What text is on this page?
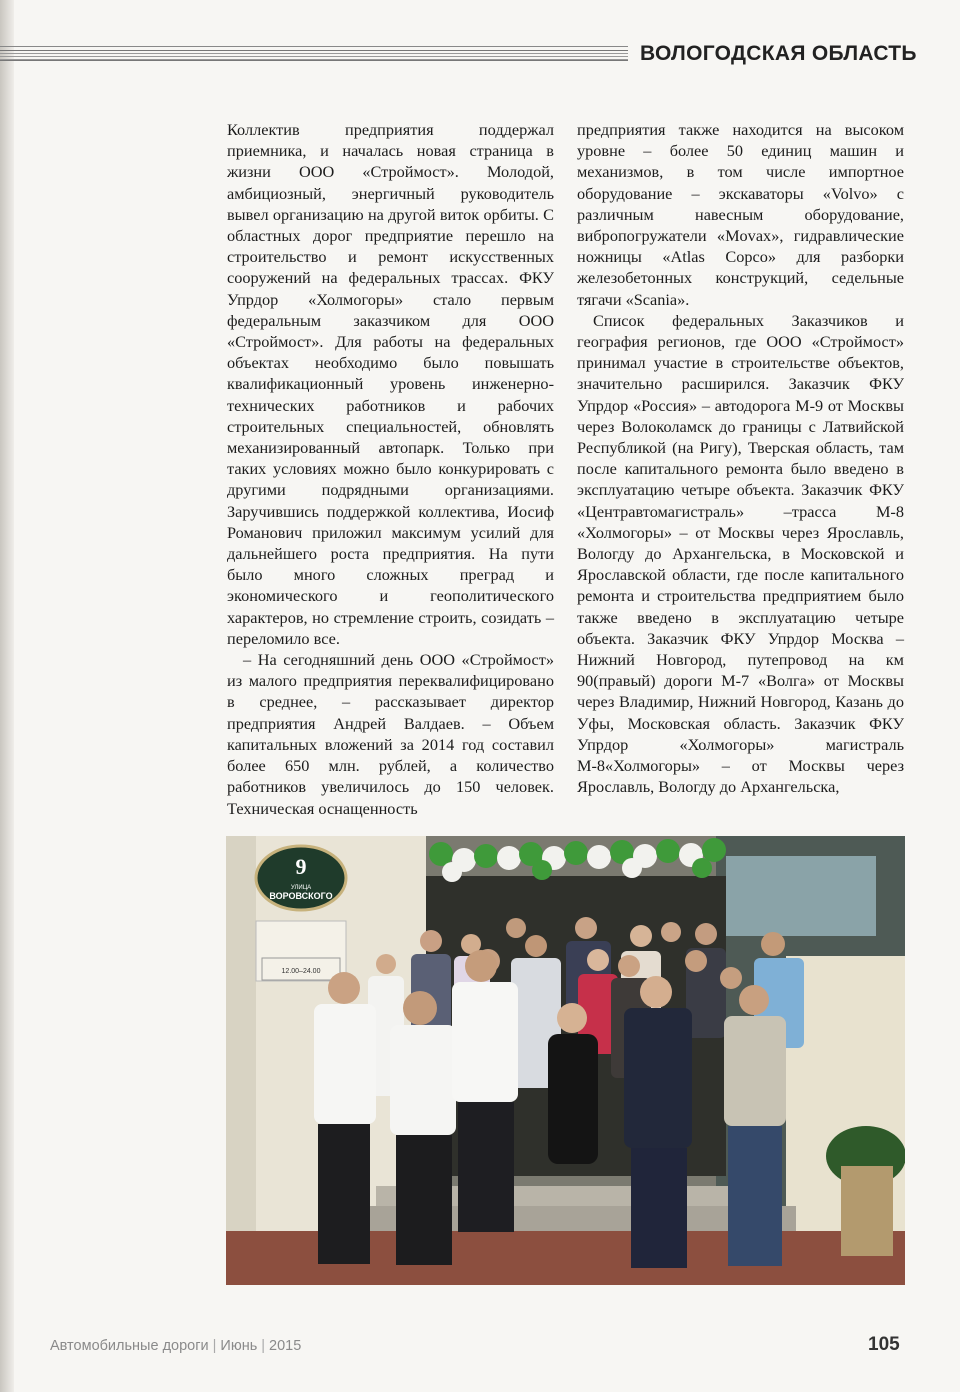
ВОЛОГОДСКАЯ ОБЛАСТЬ

Коллектив предприятия поддержал приемника, и началась новая страница в жизни ООО «Строймост». Молодой, амбициозный, энергичный руководитель вывел организацию на другой виток орбиты. С областных дорог предприятие перешло на строительство и ремонт искусственных сооружений на федеральных трассах. ФКУ Упрдор «Холмогоры» стало первым федеральным заказчиком для ООО «Строймост». Для работы на федеральных объектах необходимо было повышать квалификационный уровень инженерно-технических работников и рабочих строительных специальностей, обновлять механизированный автопарк. Только при таких условиях можно было конкурировать с другими подрядными организациями. Заручившись поддержкой коллектива, Иосиф Романович приложил максимум усилий для дальнейшего роста предприятия. На пути было много сложных преград и экономического и геополитического характеров, но стремление строить, созидать – переломило все.

– На сегодняшний день ООО «Строймост» из малого предприятия переквалифицировано в среднее, – рассказывает директор предприятия Андрей Валдаев. – Объем капитальных вложений за 2014 год составил более 650 млн. рублей, а количество работников увеличилось до 150 человек. Техническая оснащенность

предприятия также находится на высоком уровне – более 50 единиц машин и механизмов, в том числе импортное оборудование – экскаваторы «Volvo» с различным навесным оборудование, вибропогружатели «Movax», гидравлические ножницы «Atlas Copco» для разборки железобетонных конструкций, седельные тягачи «Scania».

Список федеральных Заказчиков и география регионов, где ООО «Строймост» принимал участие в строительстве объектов, значительно расширился. Заказчик ФКУ Упрдор «Россия» – автодорога М-9 от Москвы через Волоколамск до границы с Латвийской Республикой (на Ригу), Тверская область, там после капитального ремонта было введено в эксплуатацию четыре объекта. Заказчик ФКУ «Центравтомагистраль» –трасса М-8 «Холмогоры» – от Москвы через Ярославль, Вологду до Архангельска, в Московской и Ярославской области, где после капитального ремонта и строительства предприятием было также введено в эксплуатацию четыре объекта. Заказчик ФКУ Упрдор Москва – Нижний Новгород, путепровод на км 90(правый) дороги М-7 «Волга» от Москвы через Владимир, Нижний Новгород, Казань до Уфы, Московская область. Заказчик ФКУ Упрдор «Холмогоры» магистраль М-8«Холмогоры» – от Москвы через Ярославль, Вологду до Архангельска,

9
УЛИЦА
ВОРОВСКОГО
12.00–24.00
Автомобильные дороги | Июнь | 2015	105
